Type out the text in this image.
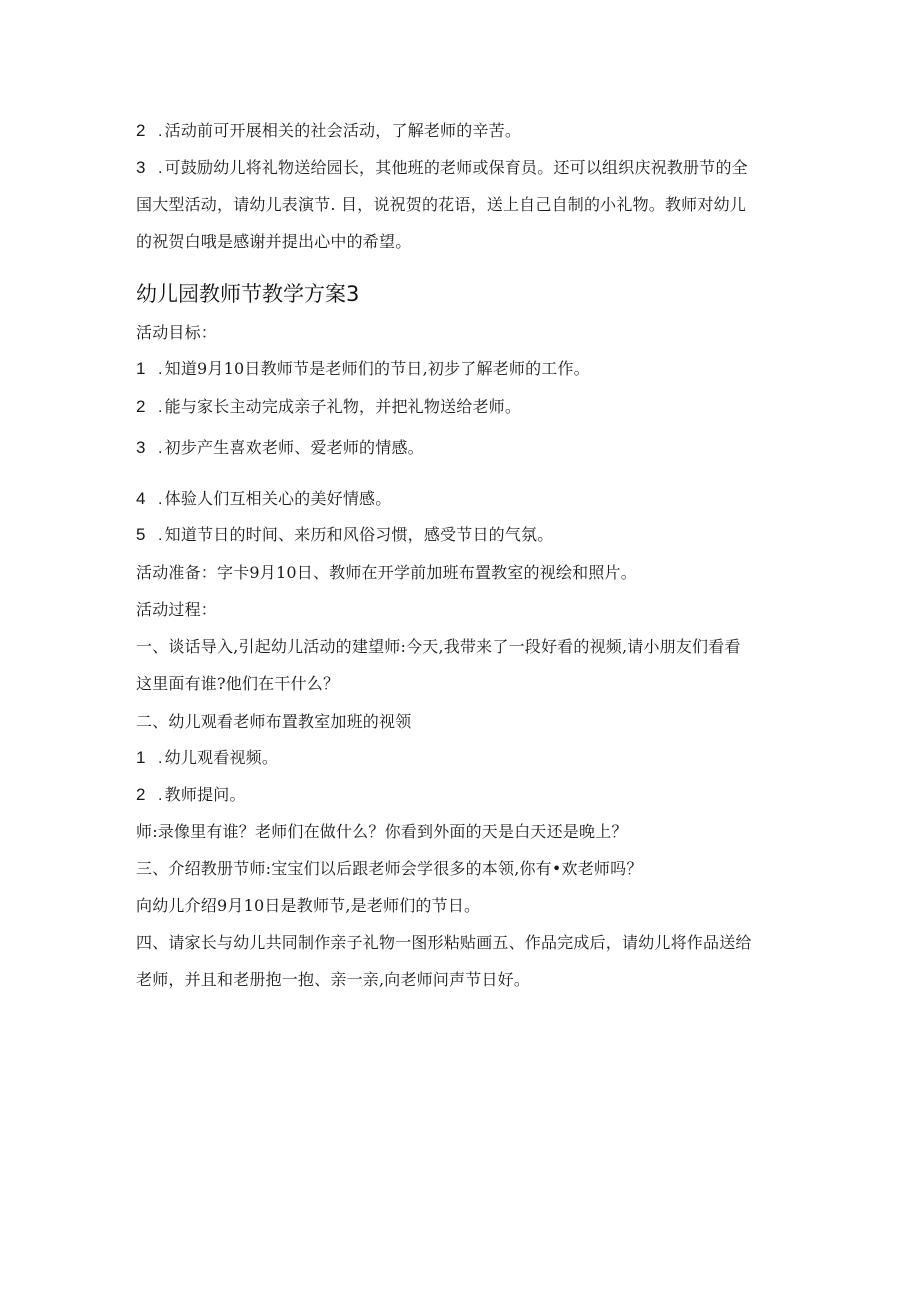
2 . 活动前可开展相关的社会活动，了解老师的辛苦。
3 . 可鼓励幼儿将礼物送给园长，其他班的老师或保育员。还可以组织庆祝教册节的全
国大型活动，请幼儿表演节. 目，说祝贺的花语，送上自己自制的小礼物。教师对幼儿
的祝贺白哦是感谢并提出心中的希望。
幼儿园教师节教学方案3
活动目标：
1 . 知道9月10日教师节是老师们的节日,初步了解老师的工作。
2 . 能与家长主动完成亲子礼物，并把礼物送给老师。
3 . 初步产生喜欢老师、爱老师的情感。
4 . 体验人们互相关心的美好情感。
5 . 知道节日的时间、来历和风俗习惯，感受节日的气氛。
活动准备：字卡9月10日、教师在开学前加班布置教室的视绘和照片。
活动过程：
一、谈话导入,引起幼儿活动的建望师:今天,我带来了一段好看的视频,请小朋友们看看
这里面有谁?他们在干什么？
二、幼儿观看老师布置教室加班的视领
1 . 幼儿观看视频。
2 . 教师提问。
师:录像里有谁？老师们在做什么？你看到外面的天是白天还是晚上？
三、介绍教册节师:宝宝们以后跟老师会学很多的本领,你有•欢老师吗？
向幼儿介绍9月10日是教师节,是老师们的节日。
四、请家长与幼儿共同制作亲子礼物一图形粘贴画五、作品完成后，请幼儿将作品送给
老师，并且和老册抱一抱、亲一亲,向老师问声节日好。
